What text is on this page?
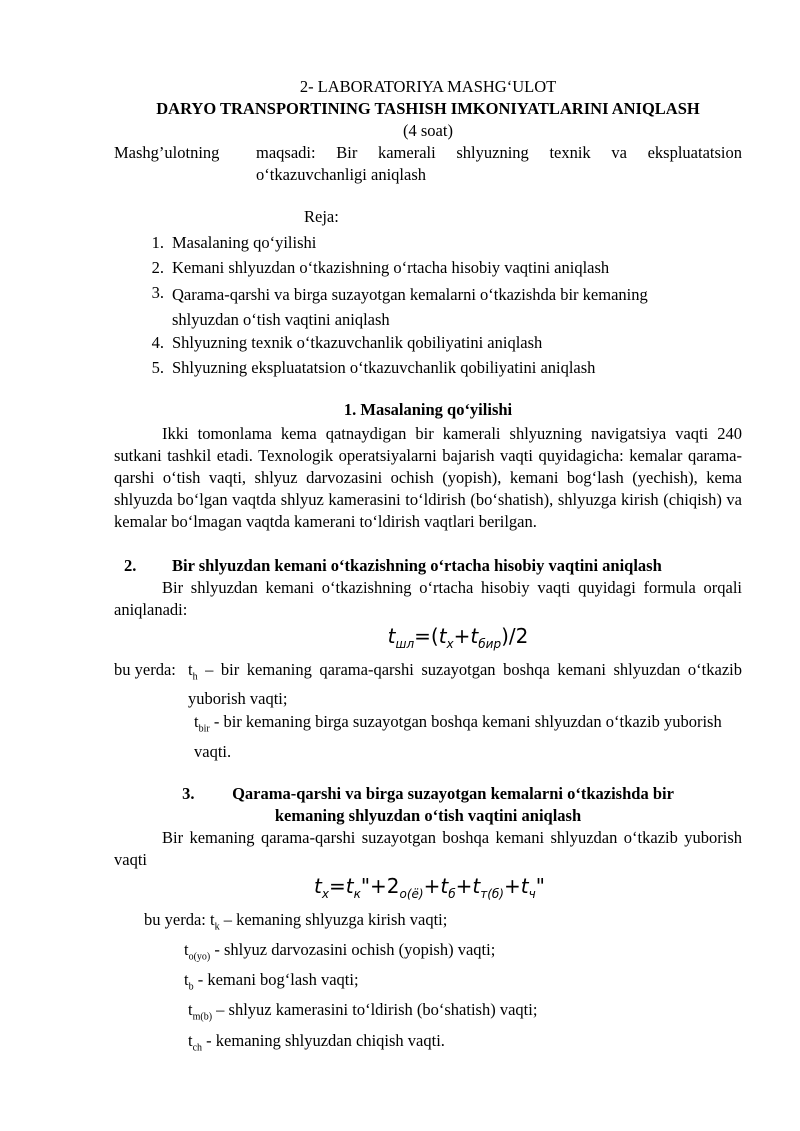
2- LABORATORIYA MASHG‘ULOT

DARYO TRANSPORTINING TASHISH IMKONIYATLARINI ANIQLASH

(4 soat)

Mashg’ulotning	maqsadi: Bir kamerali shlyuzning texnik va ekspluatatsion
o‘tkazuvchanligi aniqlash

Reja:

1. Masalaning qo‘yilishi
2. Kemani shlyuzdan o‘tkazishning o‘rtacha hisobiy vaqtini aniqlash
3. Qarama-qarshi va birga suzayotgan kemalarni o‘tkazishda bir kemaning shlyuzdan o‘tish vaqtini aniqlash
4. Shlyuzning texnik o‘tkazuvchanlik qobiliyatini aniqlash
5. Shlyuzning ekspluatatsion o‘tkazuvchanlik qobiliyatini aniqlash

1. Masalaning qo‘yilishi

Ikki tomonlama kema qatnaydigan bir kamerali shlyuzning navigatsiya vaqti 240 sutkani tashkil etadi. Texnologik operatsiyalarni bajarish vaqti quyidagicha: kemalar qarama-qarshi o‘tish vaqti, shlyuz darvozasini ochish (yopish), kemani bog‘lash (yechish), kema shlyuzda bo‘lgan vaqtda shlyuz kamerasini to‘ldirish (bo‘shatish), shlyuzga kirish (chiqish) va kemalar bo‘lmagan vaqtda kamerani to‘ldirish vaqtlari berilgan.

2. Bir shlyuzdan kemani o‘tkazishning o‘rtacha hisobiy vaqtini aniqlash

Bir shlyuzdan kemani o‘tkazishning o‘rtacha hisobiy vaqti quyidagi formula orqali aniqlanadi:

$t_{шл}=(t_х+t_{бир})/2$
bu yerda: $t_h$ – bir kemaning qarama-qarshi suzayotgan boshqa kemani shlyuzdan o‘tkazib yuborish vaqti;
$t_{bir}$ - bir kemaning birga suzayotgan boshqa kemani shlyuzdan o‘tkazib yuborish vaqti.
3. Qarama-qarshi va birga suzayotgan kemalarni o‘tkazishda bir
kemaning shlyuzdan o‘tish vaqtini aniqlash

Bir kemaning qarama-qarshi suzayotgan boshqa kemani shlyuzdan o‘tkazib yuborish vaqti

$t_х=t_к"+2_{о(ё)}+t_б+t_{т(б)}+t_ч$"
bu yerda: $t_k$ – kemaning shlyuzga kirish vaqti;
$t_{o(yo)}$ - shlyuz darvozasini ochish (yopish) vaqti;
$t_b$ - kemani bog‘lash vaqti;
$t_{m(b)}$ – shlyuz kamerasini to‘ldirish (bo‘shatish) vaqti;
$t_{ch}$ - kemaning shlyuzdan chiqish vaqti.
